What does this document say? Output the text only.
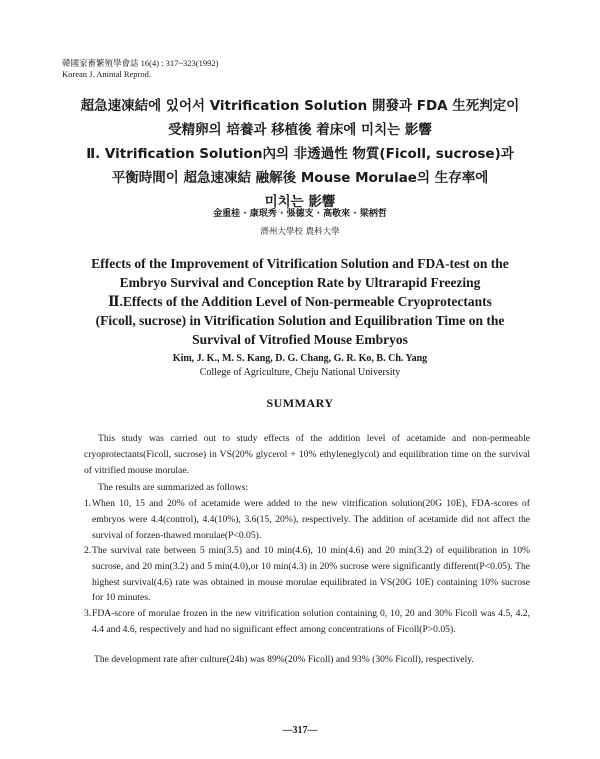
韓國家畜繁殖學會誌 16(4) : 317~323(1992)
Korean J. Animal Reprod.
超急速凍結에 있어서 Vitrification Solution 開發과 FDA 生死判定이
受精卵의 培養과 移植後 着床에 미치는 影響
Ⅱ. Vitrification Solution內의 非透過性 物質(Ficoll, sucrose)과
平衡時間이 超急速凍結 融解後 Mouse Morulae의 生存率에
미치는 影響
金重桂 · 康珉秀 · 張德支 · 高敬來 · 梁柄哲
濟州大學校 農科大學
Effects of the Improvement of Vitrification Solution and FDA-test on the
Embryo Survival and Conception Rate by Ultrarapid Freezing
Ⅱ.Effects of the Addition Level of Non-permeable Cryoprotectants
(Ficoll, sucrose) in Vitrification Solution and Equilibration Time on the
Survival of Vitrofied Mouse Embryos
Kim, J. K., M. S. Kang, D. G. Chang, G. R. Ko, B. Ch. Yang
College of Agriculture, Cheju National University
SUMMARY
This study was carried out to study effects of the addition level of acetamide and non-permeable cryoprotectants(Ficoll, sucrose) in VS(20% glycerol + 10% ethyleneglycol) and equilibration time on the survival of vitrified mouse morulae.
The results are summarized as follows:
1. When 10, 15 and 20% of acetamide were added to the new vitrification solution(20G 10E), FDA-scores of embryos were 4.4(control), 4.4(10%), 3.6(15, 20%), respectively. The addition of acetamide did not affect the survival of forzen-thawed morulae(P<0.05).
2. The survival rate between 5 min(3.5) and 10 min(4.6), 10 min(4.6) and 20 min(3.2) of equilibration in 10% sucrose, and 20 min(3.2) and 5 min(4.0),or 10 min(4.3) in 20% sucrose were significantly different(P<0.05). The highest survival(4.6) rate was obtained in mouse morulae equilibrated in VS(20G 10E) containing 10% sucrose for 10 minutes.
3. FDA-score of morulae frozen in the new vitrification solution containing 0, 10, 20 and 30% Ficoll was 4.5, 4.2, 4.4 and 4.6, respectively and had no significant effect among concentrations of Ficoll(P>0.05).
The development rate after culture(24h) was 89%(20% Ficoll) and 93% (30% Ficoll), respectively.
—317—
